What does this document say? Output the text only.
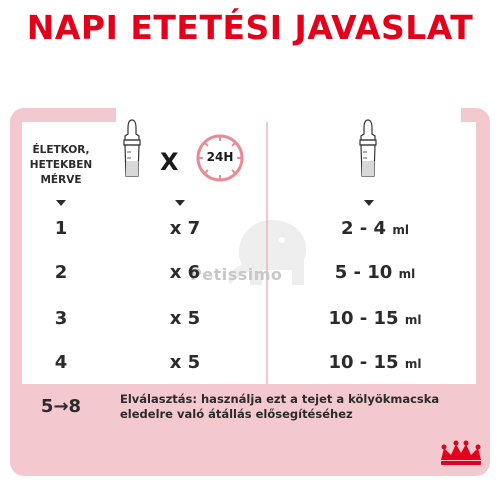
NAPI ETETÉSI JAVASLAT
Petissimo
ÉLETKOR,
HETEKBEN
MÉRVE
X	24H
1	x 7	2 - 4 ml
2	x 6	5 - 10 ml
3	x 5	10 - 15 ml
4	x 5	10 - 15 ml
5→8	Elválasztás: használja ezt a tejet a kölyökmacska eledelre való átállás elősegítéséhez
